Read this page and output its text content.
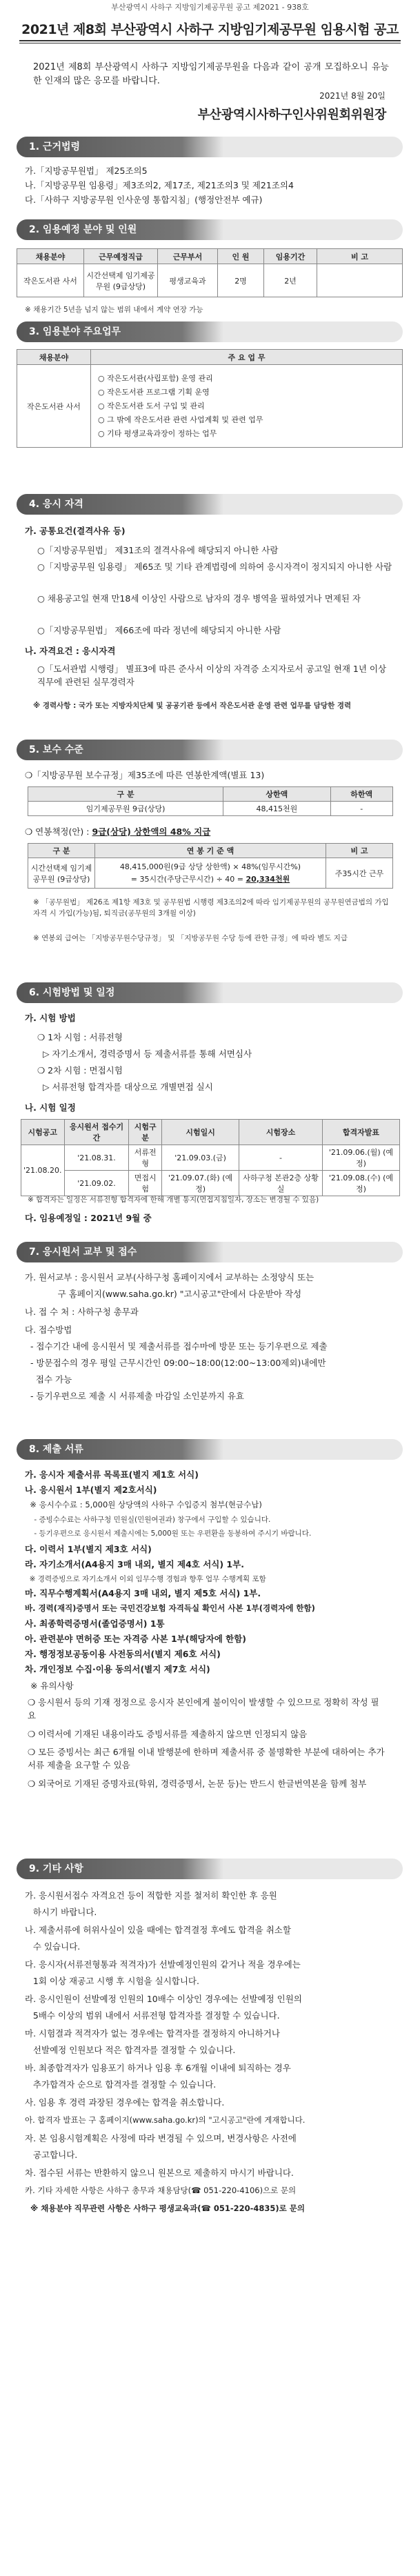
부산광역시 사하구 지방임기제공무원 공고 제2021 - 938호
2021년 제8회 부산광역시 사하구 지방임기제공무원 임용시험 공고
2021년 제8회 부산광역시 사하구 지방임기제공무원을 다음과 같이 공개 모집하오니 유능한 인재의 많은 응모를 바랍니다.
2021년 8월 20일
부산광역시사하구인사위원회위원장
1. 근거법령
가.「지방공무원법」 제25조의5
나.「지방공무원 임용령」제3조의2, 제17조, 제21조의3 및 제21조의4
다.「사하구 지방공무원 인사운영 통합지침」(행정안전부 예규)
2. 임용예정 분야 및 인원
채용분야	근무예정직급	근무부서	인 원	임용기간	비 고
작은도서관 사서	시간선택제 임기제공무원 (9급상당)	평생교육과	2명	2년	
※ 채용기간 5년을 넘지 않는 범위 내에서 계약 연장 가능
3. 임용분야 주요업무
채용분야	주 요 업 무
작은도서관 사서	○ 작은도서관(사립포함) 운영 관리
○ 작은도서관 프로그램 기획 운영
○ 작은도서관 도서 구입 및 관리
○ 그 밖에 작은도서관 관련 사업계획 및 관련 업무
○ 기타 평생교육과장이 정하는 업무
4. 응시 자격
가. 공통요건(결격사유 등)
○「지방공무원법」 제31조의 결격사유에 해당되지 아니한 사람
○「지방공무원 임용령」 제65조 및 기타 관계법령에 의하여 응시자격이 정지되지 아니한 사람
○ 채용공고일 현재 만18세 이상인 사람으로 남자의 경우 병역을 필하였거나 면제된 자
○「지방공무원법」 제66조에 따라 정년에 해당되지 아니한 사람
나. 자격요건 : 응시자격
○「도서관법 시행령」 별표3에 따른 준사서 이상의 자격증 소지자로서 공고일 현재 1년 이상 직무에 관련된 실무경력자
※ 경력사항 : 국가 또는 지방자치단체 및 공공기관 등에서 작은도서관 운영 관련 업무를 담당한 경력
5. 보수 수준
❍「지방공무원 보수규정」제35조에 따른 연봉한계액(별표 13)
구 분	상한액	하한액
임기제공무원 9급(상당)	48,415천원	-
❍ 연봉책정(안) : 9급(상당) 상한액의 48% 지급
구 분	연 봉 기 준 액	비 고
시간선택제 임기제공무원 (9급상당)	48,415,000원(9급 상당 상한액) × 48%(임무시간%)
= 35시간(주당근무시간) ÷ 40 = 20,334천원	주35시간 근무
※ 「공무원법」 제26조 제1항 제3호 및 공무원법 시행령 제3조의2에 따라 임기제공무원의 공무원연금법의 가입자격 시 가입(가능)됨, 퇴직금(공무원의 3개월 이상)
※ 연봉외 급여는 「지방공무원수당규정」 및 「지방공무원 수당 등에 관한 규정」에 따라 별도 지급
6. 시험방법 및 일정
가. 시험 방법
❍ 1차 시험 : 서류전형
▷ 자기소개서, 경력증명서 등 제출서류를 통해 서면심사
❍ 2차 시험 : 면접시험
▷ 서류전형 합격자를 대상으로 개별면접 실시
나. 시험 일정
시험공고	응시원서 접수기간	시험구분	시험일시	시험장소	합격자발표
'21.08.20.	'21.08.31.	서류전형	'21.09.03.(금)	-	'21.09.06.(월) (예정)
	'21.09.02.	면접시험	'21.09.07.(화) (예정)	사하구청 본관2층 상황실	'21.09.08.(수) (예정)
※ 합격자는 일정은 서류전형 합격자에 한해 개별 통지(면접지침일자, 장소는 변경될 수 있음)
다. 임용예정일 : 2021년 9월 중
7. 응시원서 교부 및 접수
가. 원서교부 : 응시원서 교부(사하구청 홈페이지에서 교부하는 소정양식 또는
구 홈페이지(www.saha.go.kr) "고시공고"란에서 다운받아 작성
나. 접 수 처 : 사하구청 총무과
다. 접수방법
- 접수기간 내에 응시원서 및 제출서류를 접수마에 방문 또는 등기우편으로 제출
- 방문접수의 경우 평일 근무시간인 09:00~18:00(12:00~13:00제외)내에만
접수 가능
- 등기우편으로 제출 시 서류제출 마감일 소인분까지 유효
8. 제출 서류
가. 응시자 제출서류 목록표(별지 제1호 서식)
나. 응시원서 1부(별지 제2호서식)
※ 응시수수료 : 5,000원 상당액의 사하구 수입증지 첨부(현금수납)
- 증빙수수료는 사하구청 민원실(민원여권과) 창구에서 구입할 수 있습니다.
- 등기우편으로 응시원서 제출시에는 5,000원 또는 우편환을 동봉하여 주시기 바랍니다.
다. 이력서 1부(별지 제3호 서식)
라. 자기소개서(A4용지 3매 내외, 별지 제4호 서식) 1부.
※ 경력증빙으로 자기소개서 이외 임무수행 경험과 향후 업무 수행계획 포함
마. 직무수행계획서(A4용지 3매 내외, 별지 제5호 서식) 1부.
바. 경력(재직)증명서 또는 국민건강보험 자격득실 확인서 사본 1부(경력자에 한함)
사. 최종학력증명서(졸업증명서) 1통
아. 관련분야 면허증 또는 자격증 사본 1부(해당자에 한함)
자. 행정정보공동이용 사전동의서(별지 제6호 서식)
차. 개인정보 수집·이용 동의서(별지 제7호 서식)
※ 유의사항
❍ 응시원서 등의 기재 정정으로 응시자 본인에게 불이익이 발생할 수 있으므로 정확히 작성 필요
❍ 이력서에 기재된 내용이라도 증빙서류를 제출하지 않으면 인정되지 않음
❍ 모든 증빙서는 최근 6개월 이내 발행분에 한하며 제출서류 중 불명확한 부분에 대하여는 추가서류 제출을 요구할 수 있음
❍ 외국어로 기재된 증명자료(학위, 경력증명서, 논문 등)는 반드시 한글번역본을 함께 첨부
9. 기타 사항
가. 응시원서접수 자격요건 등이 적합한 지를 철저히 확인한 후 응원
하시기 바랍니다.
나. 제출서류에 허위사실이 있을 때에는 합격결정 후에도 합격을 취소할
수 있습니다.
다. 응시자(서류전형통과 적격자)가 선발예정인원의 같거나 적을 경우에는
1회 이상 재공고 시행 후 시험을 실시합니다.
라. 응시인원이 선발예정 인원의 10배수 이상인 경우에는 선발예정 인원의
5배수 이상의 범위 내에서 서류전형 합격자를 결정할 수 있습니다.
마. 시험결과 적격자가 없는 경우에는 합격자를 결정하지 아니하거나
선발예정 인원보다 적은 합격자를 결정할 수 있습니다.
바. 최종합격자가 임용포기 하거나 임용 후 6개월 이내에 퇴직하는 경우
추가합격자 순으로 합격자를 결정할 수 있습니다.
사. 임용 후 경력 과장된 경우에는 합격을 취소합니다.
아. 합격자 발표는 구 홈페이지(www.saha.go.kr)의 "고시공고"란에 게재합니다.
자. 본 임용시험계획은 사정에 따라 변경될 수 있으며, 변경사항은 사전에
공고합니다.
차. 접수된 서류는 반환하지 않으니 원본으로 제출하지 마시기 바랍니다.
카. 기타 자세한 사항은 사하구 총무과 채용담당(☎ 051-220-4106)으로 문의
※ 채용분야 직무관련 사항은 사하구 평생교육과(☎ 051-220-4835)로 문의
